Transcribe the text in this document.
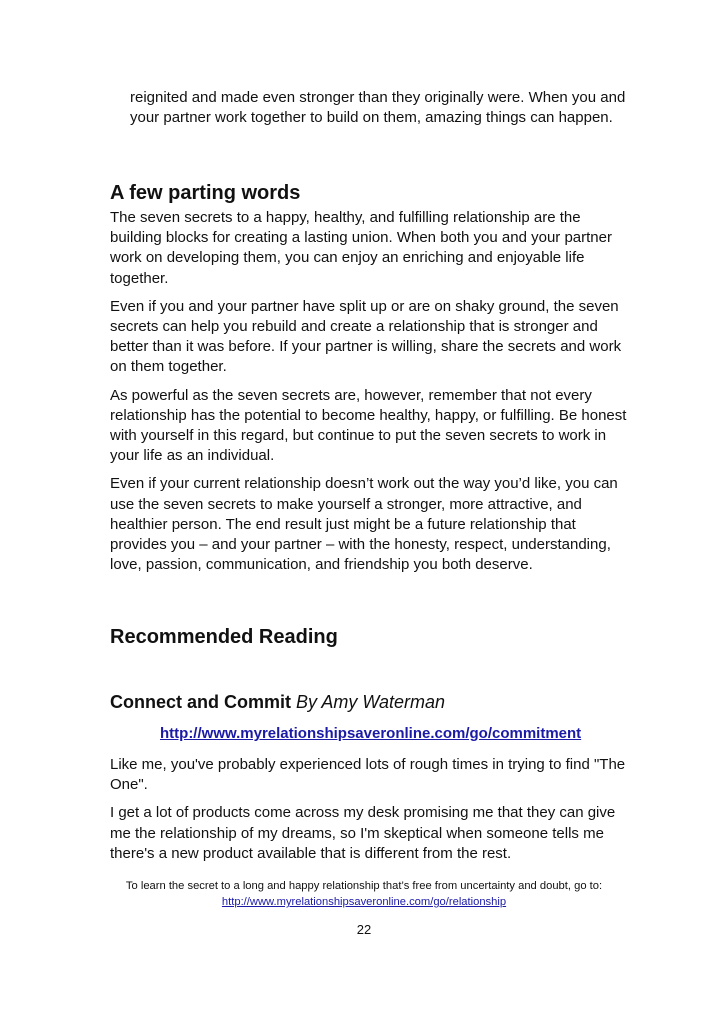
reignited and made even stronger than they originally were. When you and your partner work together to build on them, amazing things can happen.

A few parting words

The seven secrets to a happy, healthy, and fulfilling relationship are the building blocks for creating a lasting union. When both you and your partner work on developing them, you can enjoy an enriching and enjoyable life together.

Even if you and your partner have split up or are on shaky ground, the seven secrets can help you rebuild and create a relationship that is stronger and better than it was before. If your partner is willing, share the secrets and work on them together.

As powerful as the seven secrets are, however, remember that not every relationship has the potential to become healthy, happy, or fulfilling. Be honest with yourself in this regard, but continue to put the seven secrets to work in your life as an individual.

Even if your current relationship doesn’t work out the way you’d like, you can use the seven secrets to make yourself a stronger, more attractive, and healthier person. The end result just might be a future relationship that provides you – and your partner – with the honesty, respect, understanding, love, passion, communication, and friendship you both deserve.

Recommended Reading
Connect and Commit By Amy Waterman
http://www.myrelationshipsaveronline.com/go/commitment

Like me, you've probably experienced lots of rough times in trying to find "The One".

I get a lot of products come across my desk promising me that they can give me the relationship of my dreams, so I'm skeptical when someone tells me there's a new product available that is different from the rest.

To learn the secret to a long and happy relationship that’s free from uncertainty and doubt, go to:
http://www.myrelationshipsaveronline.com/go/relationship
22
